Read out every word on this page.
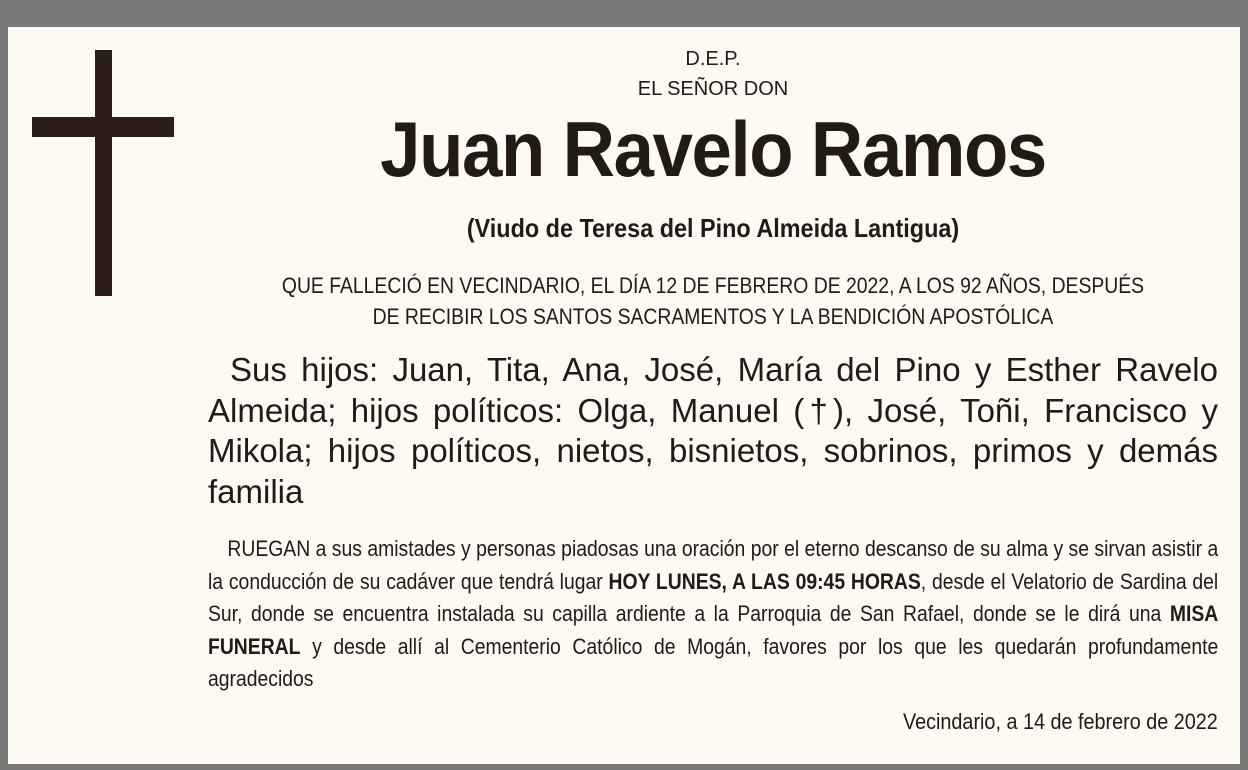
D.E.P.
EL SEÑOR DON
Juan Ravelo Ramos
(Viudo de Teresa del Pino Almeida Lantigua)
QUE FALLECIÓ EN VECINDARIO, EL DÍA 12 DE FEBRERO DE 2022, A LOS 92 AÑOS, DESPUÉS
DE RECIBIR LOS SANTOS SACRAMENTOS Y LA BENDICIÓN APOSTÓLICA
Sus hijos: Juan, Tita, Ana, José, María del Pino y Esther Ravelo Almeida; hijos políticos: Olga, Manuel (†), José, Toñi, Francisco y Mikola; hijos políticos, nietos, bisnietos, sobrinos, primos y demás familia
RUEGAN a sus amistades y personas piadosas una oración por el eterno descanso de su alma y se sirvan asistir a la conducción de su cadáver que tendrá lugar HOY LUNES, A LAS 09:45 HORAS, desde el Velatorio de Sardina del Sur, donde se encuentra instalada su capilla ardiente a la Parroquia de San Rafael, donde se le dirá una MISA FUNERAL y desde allí al Cementerio Católico de Mogán, favores por los que les quedarán profundamente agradecidos
Vecindario, a 14 de febrero de 2022
